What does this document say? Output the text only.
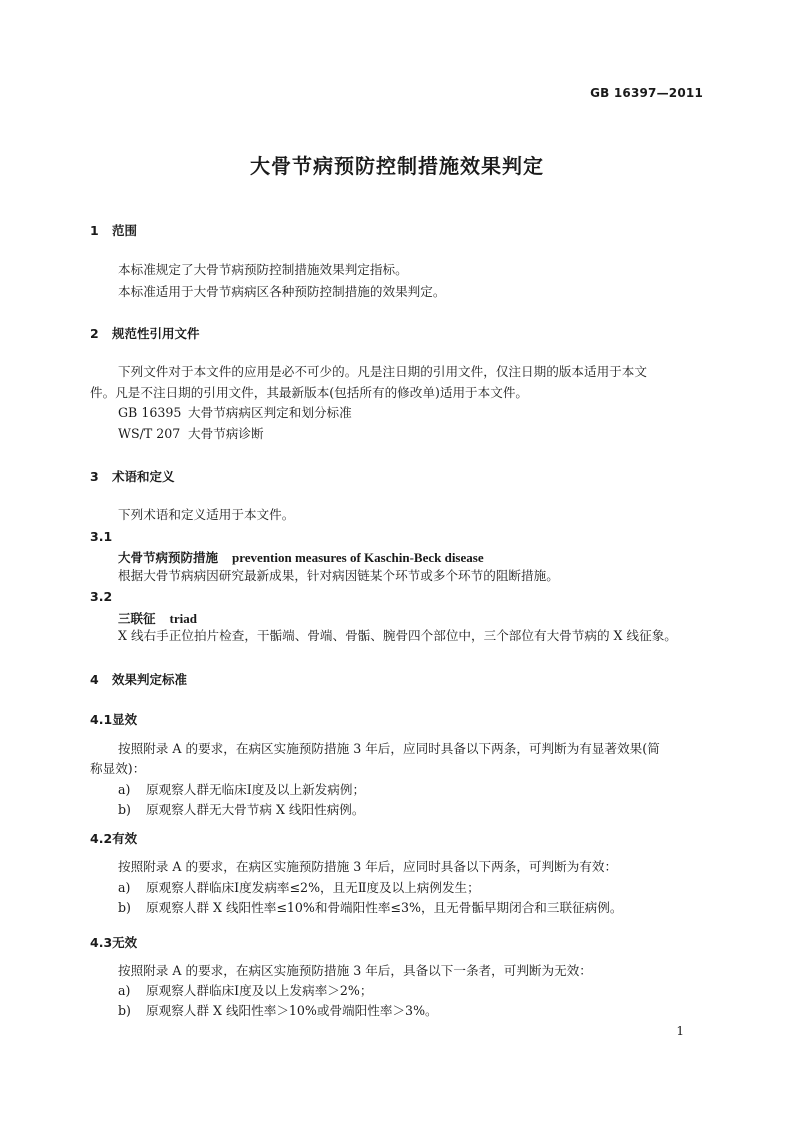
GB 16397—2011
大骨节病预防控制措施效果判定
1 范围
本标准规定了大骨节病预防控制措施效果判定指标。
本标准适用于大骨节病病区各种预防控制措施的效果判定。
2 规范性引用文件
下列文件对于本文件的应用是必不可少的。凡是注日期的引用文件，仅注日期的版本适用于本文
件。凡是不注日期的引用文件，其最新版本(包括所有的修改单)适用于本文件。
GB 16395 大骨节病病区判定和划分标准
WS/T 207 大骨节病诊断
3 术语和定义
下列术语和定义适用于本文件。
3.1
大骨节病预防措施 prevention measures of Kaschin-Beck disease
根据大骨节病病因研究最新成果，针对病因链某个环节或多个环节的阻断措施。
3.2
三联征 triad
X 线右手正位拍片检查，干骺端、骨端、骨骺、腕骨四个部位中，三个部位有大骨节病的 X 线征象。
4 效果判定标准
4.1显效
按照附录 A 的要求，在病区实施预防措施 3 年后，应同时具备以下两条，可判断为有显著效果(简
称显效)：
a) 原观察人群无临床Ⅰ度及以上新发病例；
b) 原观察人群无大骨节病 X 线阳性病例。
4.2有效
按照附录 A 的要求，在病区实施预防措施 3 年后，应同时具备以下两条，可判断为有效：
a) 原观察人群临床Ⅰ度发病率≤2%，且无Ⅱ度及以上病例发生；
b) 原观察人群 X 线阳性率≤10%和骨端阳性率≤3%，且无骨骺早期闭合和三联征病例。
4.3无效
按照附录 A 的要求，在病区实施预防措施 3 年后，具备以下一条者，可判断为无效：
a) 原观察人群临床Ⅰ度及以上发病率＞2%；
b) 原观察人群 X 线阳性率＞10%或骨端阳性率＞3%。
1
